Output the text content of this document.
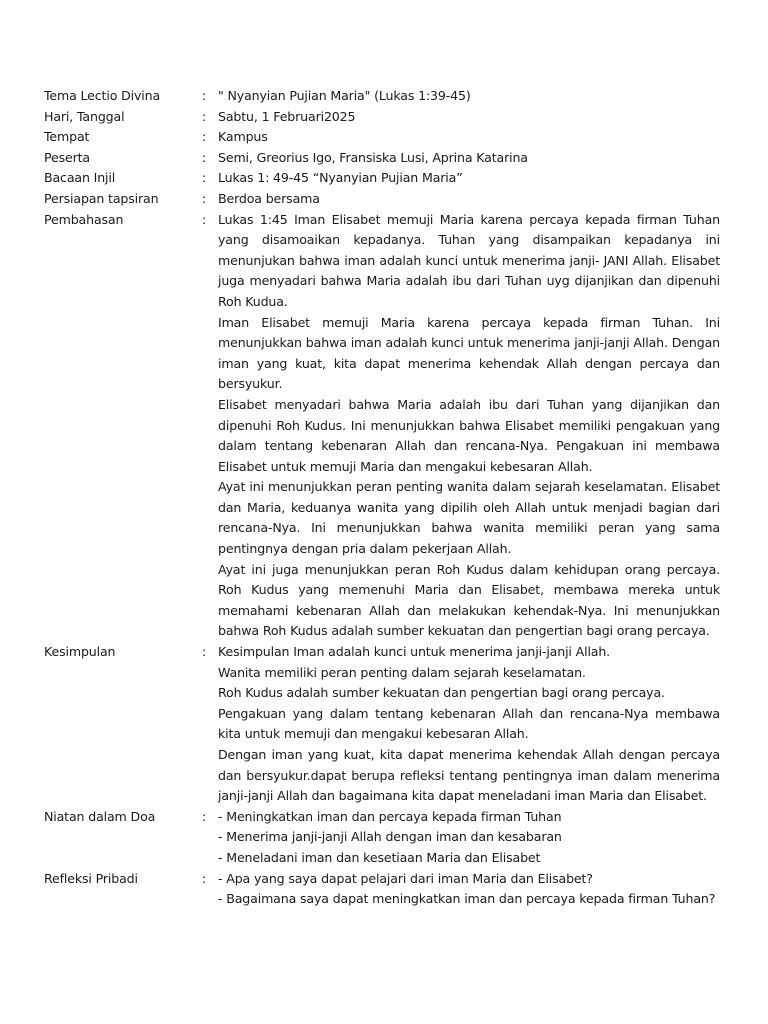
Tema Lectio Divina	: " Nyanyian Pujian Maria" (Lukas 1:39-45)
Hari, Tanggal	: Sabtu, 1 Februari2025
Tempat	: Kampus
Peserta	: Semi, Greorius Igo, Fransiska Lusi, Aprina Katarina
Bacaan Injil	: Lukas 1: 49-45 “Nyanyian Pujian Maria”
Persiapan tapsiran	: Berdoa bersama
Pembahasan	: Lukas 1:45 Iman Elisabet memuji Maria karena percaya kepada firman Tuhan yang disamoaikan kepadanya. Tuhan yang disampaikan kepadanya ini menunjukan bahwa iman adalah kunci untuk menerima janji- JANI Allah. Elisabet juga menyadari bahwa Maria adalah ibu dari Tuhan uyg dijanjikan dan dipenuhi Roh Kudua.

Iman Elisabet memuji Maria karena percaya kepada firman Tuhan. Ini menunjukkan bahwa iman adalah kunci untuk menerima janji-janji Allah. Dengan iman yang kuat, kita dapat menerima kehendak Allah dengan percaya dan bersyukur.

Elisabet menyadari bahwa Maria adalah ibu dari Tuhan yang dijanjikan dan dipenuhi Roh Kudus. Ini menunjukkan bahwa Elisabet memiliki pengakuan yang dalam tentang kebenaran Allah dan rencana-Nya. Pengakuan ini membawa Elisabet untuk memuji Maria dan mengakui kebesaran Allah.

Ayat ini menunjukkan peran penting wanita dalam sejarah keselamatan. Elisabet dan Maria, keduanya wanita yang dipilih oleh Allah untuk menjadi bagian dari rencana-Nya. Ini menunjukkan bahwa wanita memiliki peran yang sama pentingnya dengan pria dalam pekerjaan Allah.

Ayat ini juga menunjukkan peran Roh Kudus dalam kehidupan orang percaya. Roh Kudus yang memenuhi Maria dan Elisabet, membawa mereka untuk memahami kebenaran Allah dan melakukan kehendak-Nya. Ini menunjukkan bahwa Roh Kudus adalah sumber kekuatan dan pengertian bagi orang percaya.

Kesimpulan	: Kesimpulan Iman adalah kunci untuk menerima janji-janji Allah.

Wanita memiliki peran penting dalam sejarah keselamatan.

Roh Kudus adalah sumber kekuatan dan pengertian bagi orang percaya.

Pengakuan yang dalam tentang kebenaran Allah dan rencana-Nya membawa kita untuk memuji dan mengakui kebesaran Allah.

Dengan iman yang kuat, kita dapat menerima kehendak Allah dengan percaya dan bersyukur.dapat berupa refleksi tentang pentingnya iman dalam menerima janji-janji Allah dan bagaimana kita dapat meneladani iman Maria dan Elisabet.

Niatan dalam Doa	: - Meningkatkan iman dan percaya kepada firman Tuhan
- Menerima janji-janji Allah dengan iman dan kesabaran
- Meneladani iman dan kesetiaan Maria dan Elisabet
Refleksi Pribadi	: - Apa yang saya dapat pelajari dari iman Maria dan Elisabet?
- Bagaimana saya dapat meningkatkan iman dan percaya kepada firman Tuhan?
